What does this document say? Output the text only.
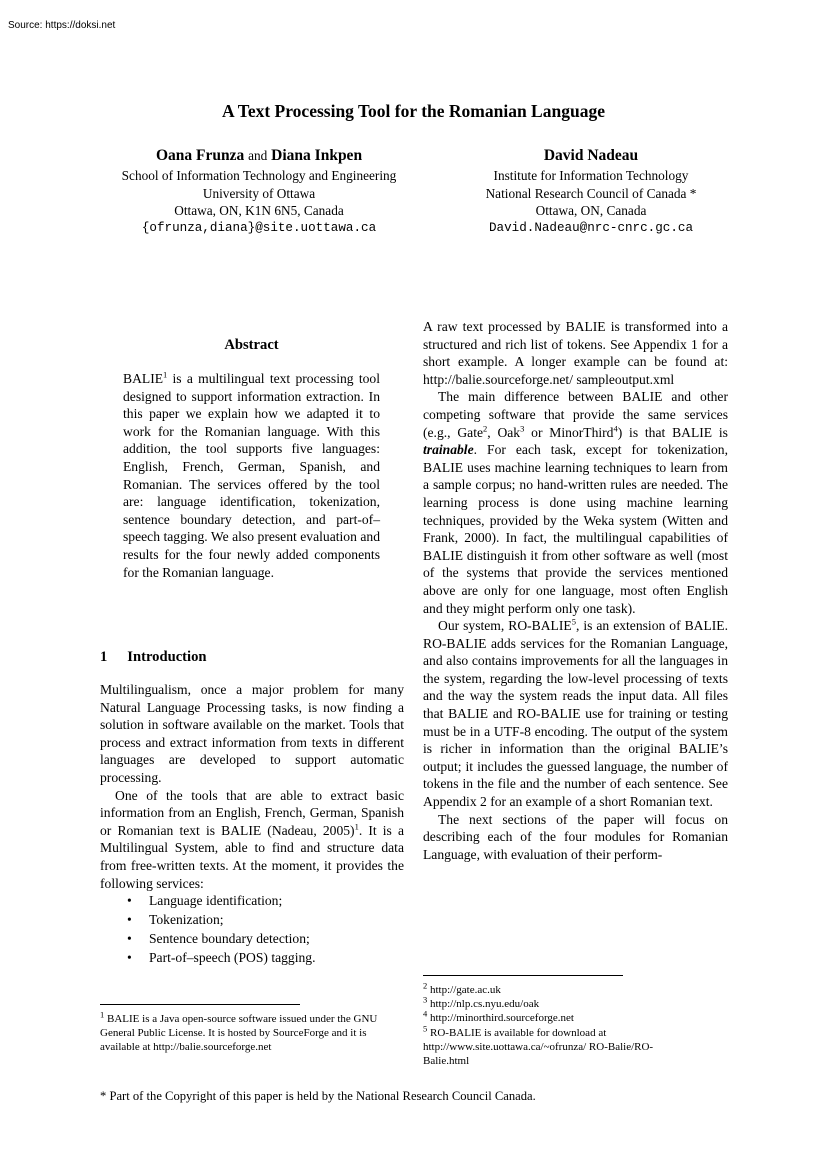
Source: https://doksi.net
A Text Processing Tool for the Romanian Language
Oana Frunza and Diana Inkpen
School of Information Technology and Engineering
University of Ottawa
Ottawa, ON, K1N 6N5, Canada
{ofrunza,diana}@site.uottawa.ca
David Nadeau
Institute for Information Technology
National Research Council of Canada *
Ottawa, ON, Canada
David.Nadeau@nrc-cnrc.gc.ca
Abstract

BALIE$^1$ is a multilingual text processing tool designed to support information extraction. In this paper we explain how we adapted it to work for the Romanian language. With this addition, the tool supports five languages: English, French, German, Spanish, and Romanian. The services offered by the tool are: language identification, tokenization, sentence boundary detection, and part-of–speech tagging. We also present evaluation and results for the four newly added components for the Romanian language.

1 Introduction

Multilingualism, once a major problem for many Natural Language Processing tasks, is now finding a solution in software available on the market. Tools that process and extract information from texts in different languages are developed to support automatic processing.

One of the tools that are able to extract basic information from an English, French, German, Spanish or Romanian text is BALIE (Nadeau, 2005)$^1$. It is a Multilingual System, able to find and structure data from free-written texts. At the moment, it provides the following services:

• Language identification;
• Tokenization;
• Sentence boundary detection;
• Part-of–speech (POS) tagging.

$^1$ BALIE is a Java open-source software issued under the GNU General Public License. It is hosted by SourceForge and it is available at http://balie.sourceforge.net

A raw text processed by BALIE is transformed into a structured and rich list of tokens. See Appendix 1 for a short example. A longer example can be found at: http://balie.sourceforge.net/ sampleoutput.xml

The main difference between BALIE and other competing software that provide the same services (e.g., Gate$^2$, Oak$^3$ or MinorThird$^4$) is that BALIE is trainable. For each task, except for tokenization, BALIE uses machine learning techniques to learn from a sample corpus; no hand-written rules are needed. The learning process is done using machine learning techniques, provided by the Weka system (Witten and Frank, 2000). In fact, the multilingual capabilities of BALIE distinguish it from other software as well (most of the systems that provide the services mentioned above are only for one language, most often English and they might perform only one task).

Our system, RO-BALIE$^5$, is an extension of BALIE. RO-BALIE adds services for the Romanian Language, and also contains improvements for all the languages in the system, regarding the low-level processing of texts and the way the system reads the input data. All files that BALIE and RO-BALIE use for training or testing must be in a UTF-8 encoding. The output of the system is richer in information than the original BALIE’s output; it includes the guessed language, the number of tokens in the file and the number of each sentence. See Appendix 2 for an example of a short Romanian text.

The next sections of the paper will focus on describing each of the four modules for Romanian Language, with evaluation of their perform-

$^2$ http://gate.ac.uk

$^3$ http://nlp.cs.nyu.edu/oak

$^4$ http://minorthird.sourceforge.net

$^5$ RO-BALIE is available for download at http://www.site.uottawa.ca/~ofrunza/ RO-Balie/RO-Balie.html

* Part of the Copyright of this paper is held by the National Research Council Canada.
